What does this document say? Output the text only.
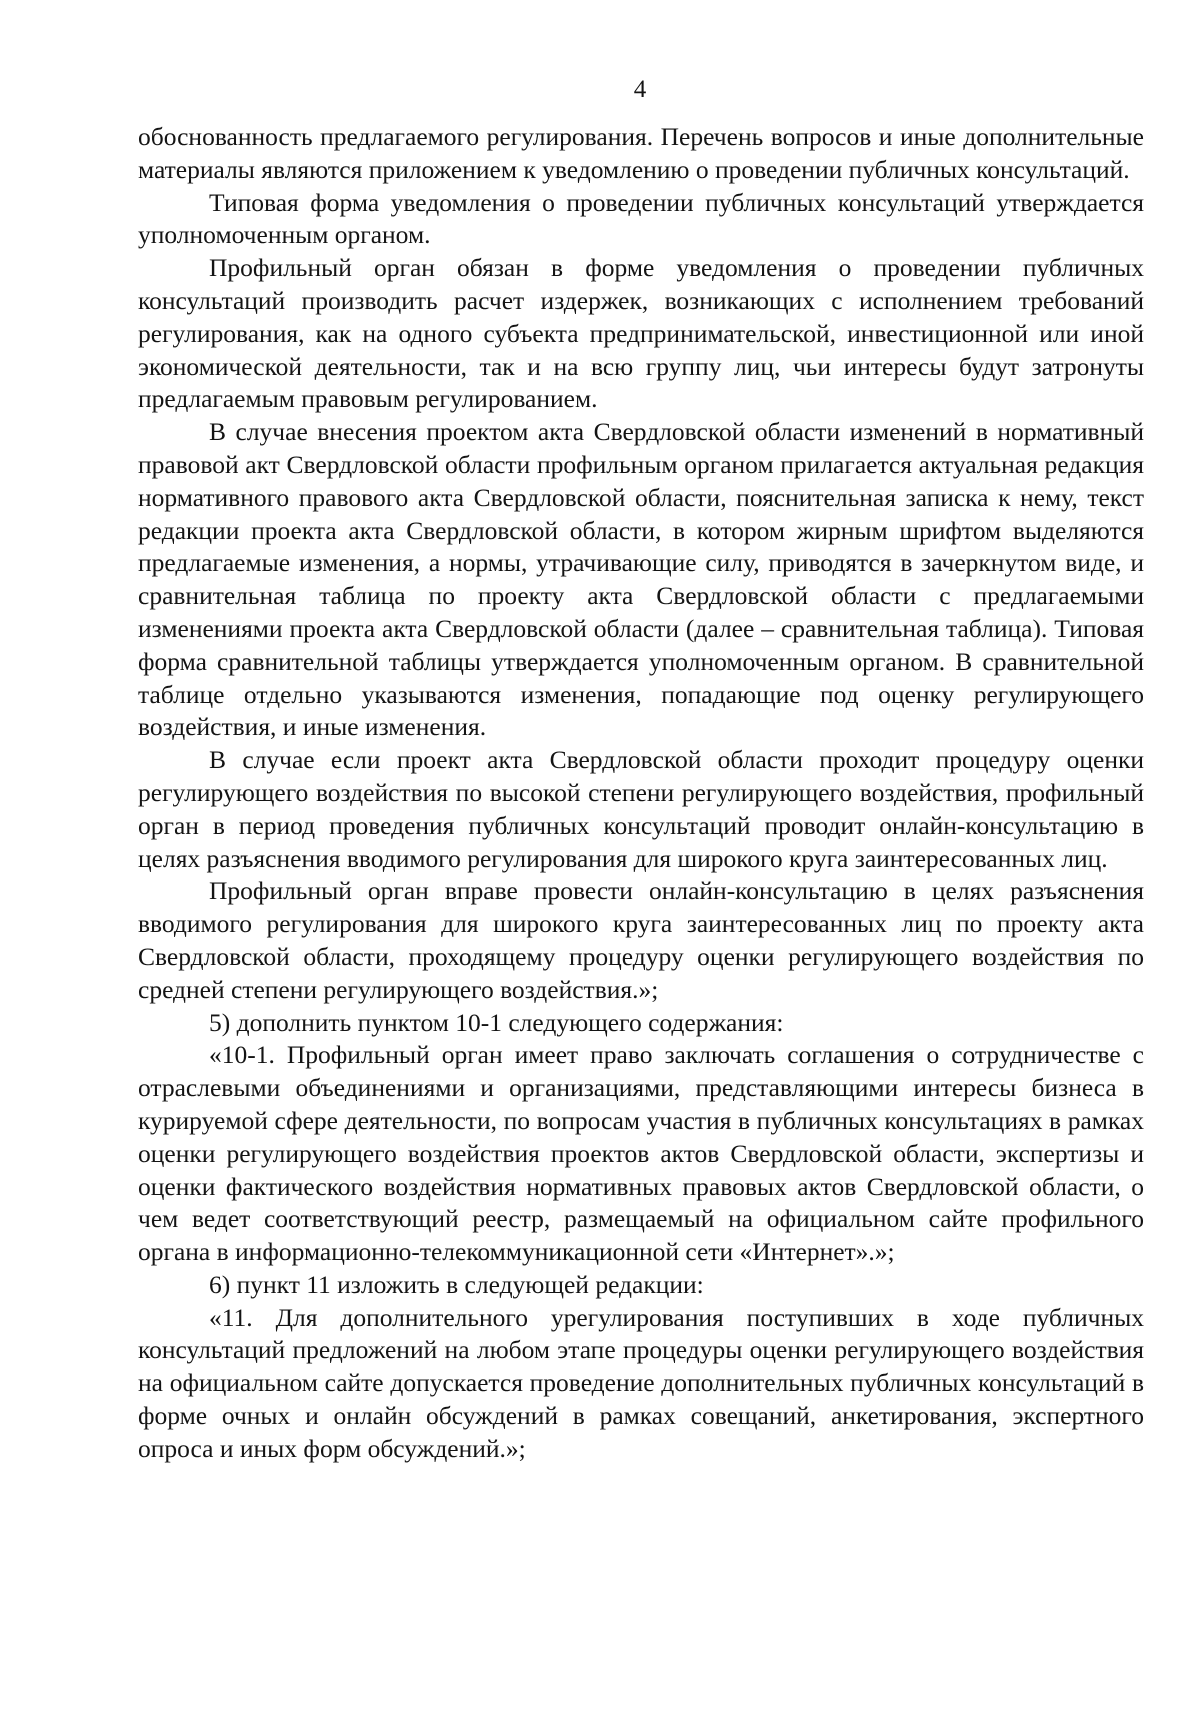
4

обоснованность предлагаемого регулирования. Перечень вопросов и иные дополнительные материалы являются приложением к уведомлению о проведении публичных консультаций.

Типовая форма уведомления о проведении публичных консультаций утверждается уполномоченным органом.

Профильный орган обязан в форме уведомления о проведении публичных консультаций производить расчет издержек, возникающих с исполнением требований регулирования, как на одного субъекта предпринимательской, инвестиционной или иной экономической деятельности, так и на всю группу лиц, чьи интересы будут затронуты предлагаемым правовым регулированием.

В случае внесения проектом акта Свердловской области изменений в нормативный правовой акт Свердловской области профильным органом прилагается актуальная редакция нормативного правового акта Свердловской области, пояснительная записка к нему, текст редакции проекта акта Свердловской области, в котором жирным шрифтом выделяются предлагаемые изменения, а нормы, утрачивающие силу, приводятся в зачеркнутом виде, и сравнительная таблица по проекту акта Свердловской области с предлагаемыми изменениями проекта акта Свердловской области (далее – сравнительная таблица). Типовая форма сравнительной таблицы утверждается уполномоченным органом. В сравнительной таблице отдельно указываются изменения, попадающие под оценку регулирующего воздействия, и иные изменения.

В случае если проект акта Свердловской области проходит процедуру оценки регулирующего воздействия по высокой степени регулирующего воздействия, профильный орган в период проведения публичных консультаций проводит онлайн-консультацию в целях разъяснения вводимого регулирования для широкого круга заинтересованных лиц.

Профильный орган вправе провести онлайн-консультацию в целях разъяснения вводимого регулирования для широкого круга заинтересованных лиц по проекту акта Свердловской области, проходящему процедуру оценки регулирующего воздействия по средней степени регулирующего воздействия.»;

5) дополнить пунктом 10-1 следующего содержания:

«10-1. Профильный орган имеет право заключать соглашения о сотрудничестве с отраслевыми объединениями и организациями, представляющими интересы бизнеса в курируемой сфере деятельности, по вопросам участия в публичных консультациях в рамках оценки регулирующего воздействия проектов актов Свердловской области, экспертизы и оценки фактического воздействия нормативных правовых актов Свердловской области, о чем ведет соответствующий реестр, размещаемый на официальном сайте профильного органа в информационно-телекоммуникационной сети «Интернет».»;

6) пункт 11 изложить в следующей редакции:

«11. Для дополнительного урегулирования поступивших в ходе публичных консультаций предложений на любом этапе процедуры оценки регулирующего воздействия на официальном сайте допускается проведение дополнительных публичных консультаций в форме очных и онлайн обсуждений в рамках совещаний, анкетирования, экспертного опроса и иных форм обсуждений.»;
